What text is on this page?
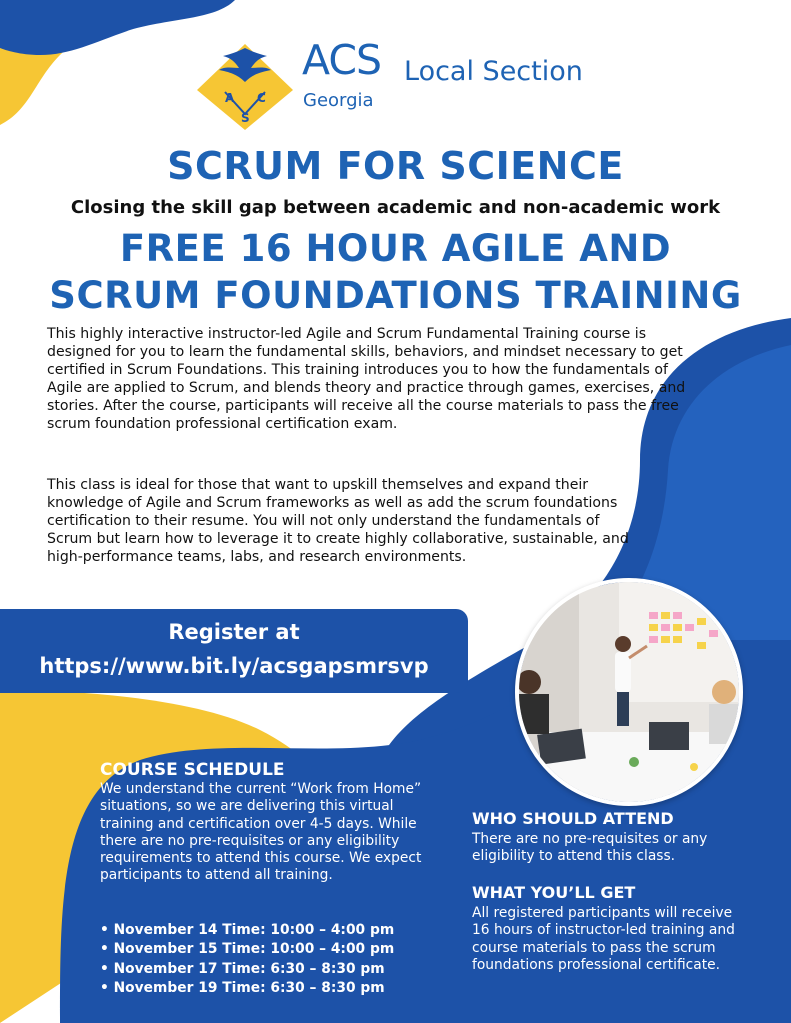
A C
S
ACS Local Section
Georgia
SCRUM FOR SCIENCE
Closing the skill gap between academic and non-academic work
FREE 16 HOUR AGILE AND
SCRUM FOUNDATIONS TRAINING
This highly interactive instructor-led Agile and Scrum Fundamental Training course is designed for you to learn the fundamental skills, behaviors, and mindset necessary to get certified in Scrum Foundations. This training introduces you to how the fundamentals of Agile are applied to Scrum, and blends theory and practice through games, exercises, and stories. After the course, participants will receive all the course materials to pass the free scrum foundation professional certification exam.
This class is ideal for those that want to upskill themselves and expand their knowledge of Agile and Scrum frameworks as well as add the scrum foundations certification to their resume. You will not only understand the fundamentals of Scrum but learn how to leverage it to create highly collaborative, sustainable, and high-performance teams, labs, and research environments.
Register at
https://www.bit.ly/acsgapsmrsvp
COURSE SCHEDULE
We understand the current “Work from Home” situations, so we are delivering this virtual training and certification over 4-5 days. While there are no pre-requisites or any eligibility requirements to attend this course. We expect participants to attend all training.
• November 14 Time: 10:00 – 4:00 pm
• November 15 Time: 10:00 – 4:00 pm
• November 17 Time: 6:30 – 8:30 pm
• November 19 Time: 6:30 – 8:30 pm
WHO SHOULD ATTEND
There are no pre-requisites or any eligibility to attend this class.
WHAT YOU’LL GET
All registered participants will receive 16 hours of instructor-led training and course materials to pass the scrum foundations professional certificate.
